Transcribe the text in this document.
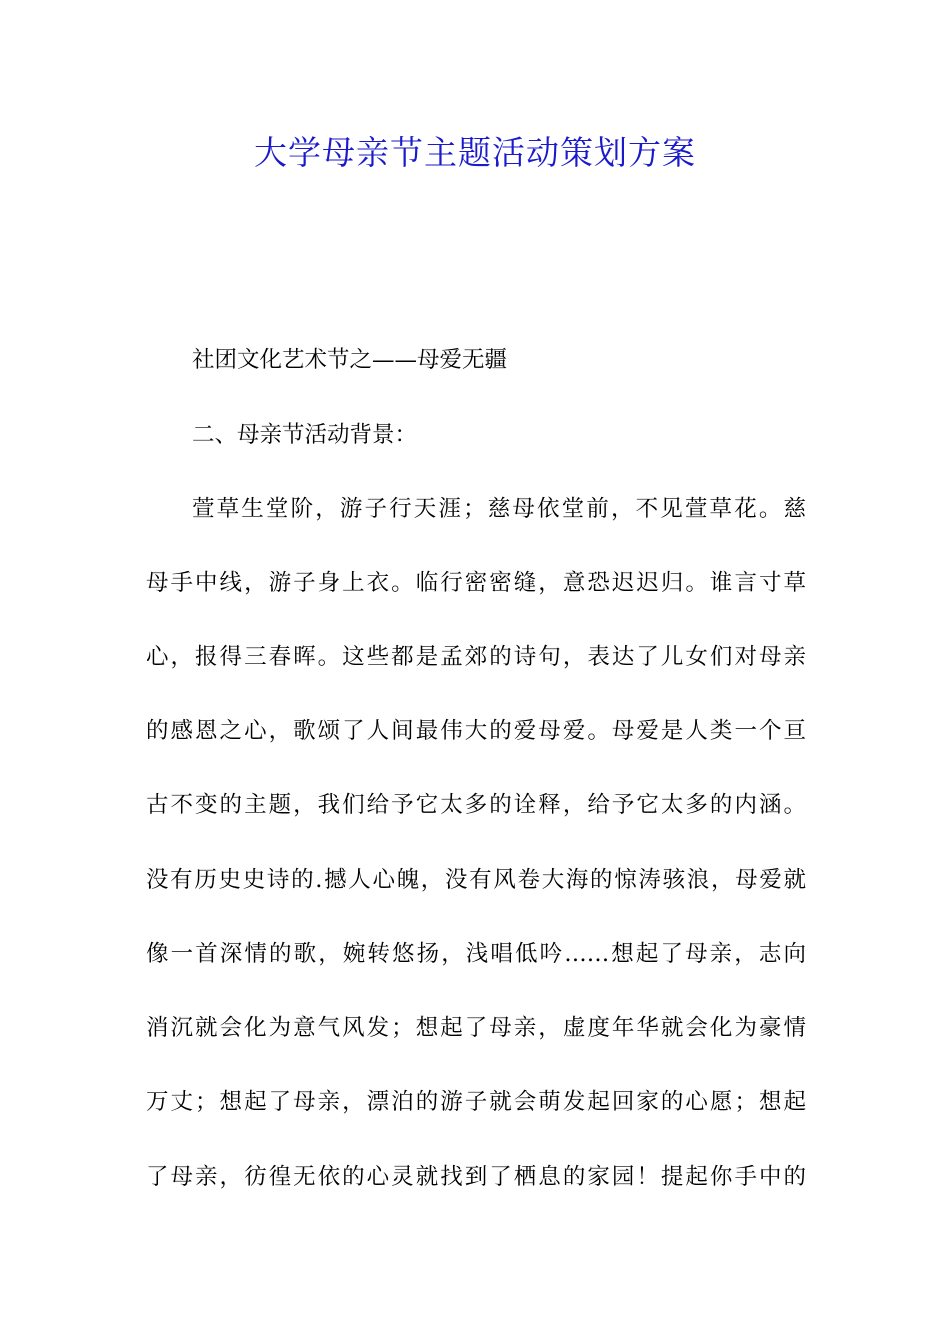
大学母亲节主题活动策划方案

社团文化艺术节之——母爱无疆

二、母亲节活动背景：

萱草生堂阶，游子行天涯；慈母依堂前，不见萱草花。慈

母手中线，游子身上衣。临行密密缝，意恐迟迟归。谁言寸草

心，报得三春晖。这些都是孟郊的诗句，表达了儿女们对母亲

的感恩之心，歌颂了人间最伟大的爱母爱。母爱是人类一个亘

古不变的主题，我们给予它太多的诠释，给予它太多的内涵。

没有历史史诗的.撼人心魄，没有风卷大海的惊涛骇浪，母爱就

像一首深情的歌，婉转悠扬，浅唱低吟……想起了母亲，志向

消沉就会化为意气风发；想起了母亲，虚度年华就会化为豪情

万丈；想起了母亲，漂泊的游子就会萌发起回家的心愿；想起

了母亲，彷徨无依的心灵就找到了栖息的家园！提起你手中的
